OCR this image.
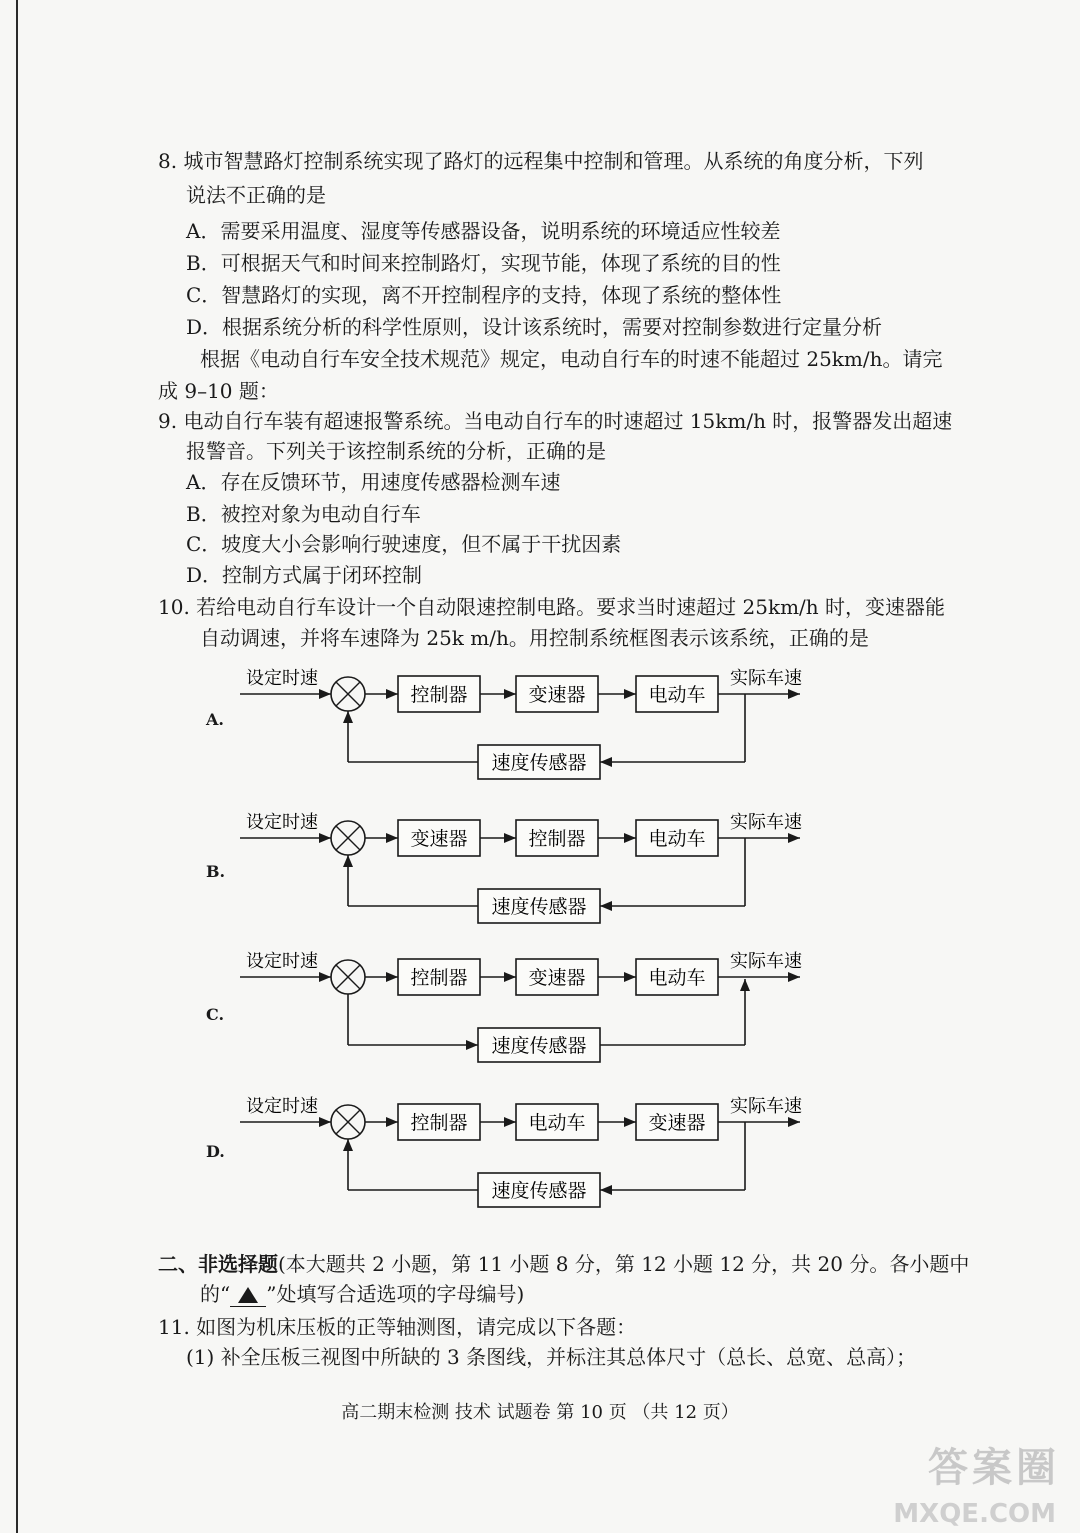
8. 城市智慧路灯控制系统实现了路灯的远程集中控制和管理。从系统的角度分析，下列
说法不正确的是
A．需要采用温度、湿度等传感器设备，说明系统的环境适应性较差
B．可根据天气和时间来控制路灯，实现节能，体现了系统的目的性
C．智慧路灯的实现，离不开控制程序的支持，体现了系统的整体性
D．根据系统分析的科学性原则，设计该系统时，需要对控制参数进行定量分析
根据《电动自行车安全技术规范》规定，电动自行车的时速不能超过 25km/h。请完
成 9–10 题：
9. 电动自行车装有超速报警系统。当电动自行车的时速超过 15km/h 时，报警器发出超速
报警音。下列关于该控制系统的分析，正确的是
A．存在反馈环节，用速度传感器检测车速
B．被控对象为电动自行车
C．坡度大小会影响行驶速度，但不属于干扰因素
D．控制方式属于闭环控制
10. 若给电动自行车设计一个自动限速控制电路。要求当时速超过 25km/h 时，变速器能
自动调速，并将车速降为 25k m/h。用控制系统框图表示该系统，正确的是
A.
设定时速
控制器	变速器	电动车
实际车速
速度传感器
B.
设定时速
变速器	控制器	电动车
实际车速
速度传感器
C.
设定时速
控制器	变速器	电动车
实际车速
速度传感器
D.
设定时速
控制器	电动车	变速器
实际车速
速度传感器
二、非选择题(本大题共 2 小题，第 11 小题 8 分，第 12 小题 12 分，共 20 分。各小题中
的“ ”处填写合适选项的字母编号)
11. 如图为机床压板的正等轴测图，请完成以下各题：
(1) 补全压板三视图中所缺的 3 条图线，并标注其总体尺寸（总长、总宽、总高）；
高二期末检测 技术 试题卷 第 10 页 （共 12 页）
答案圈
MXQE.COM
